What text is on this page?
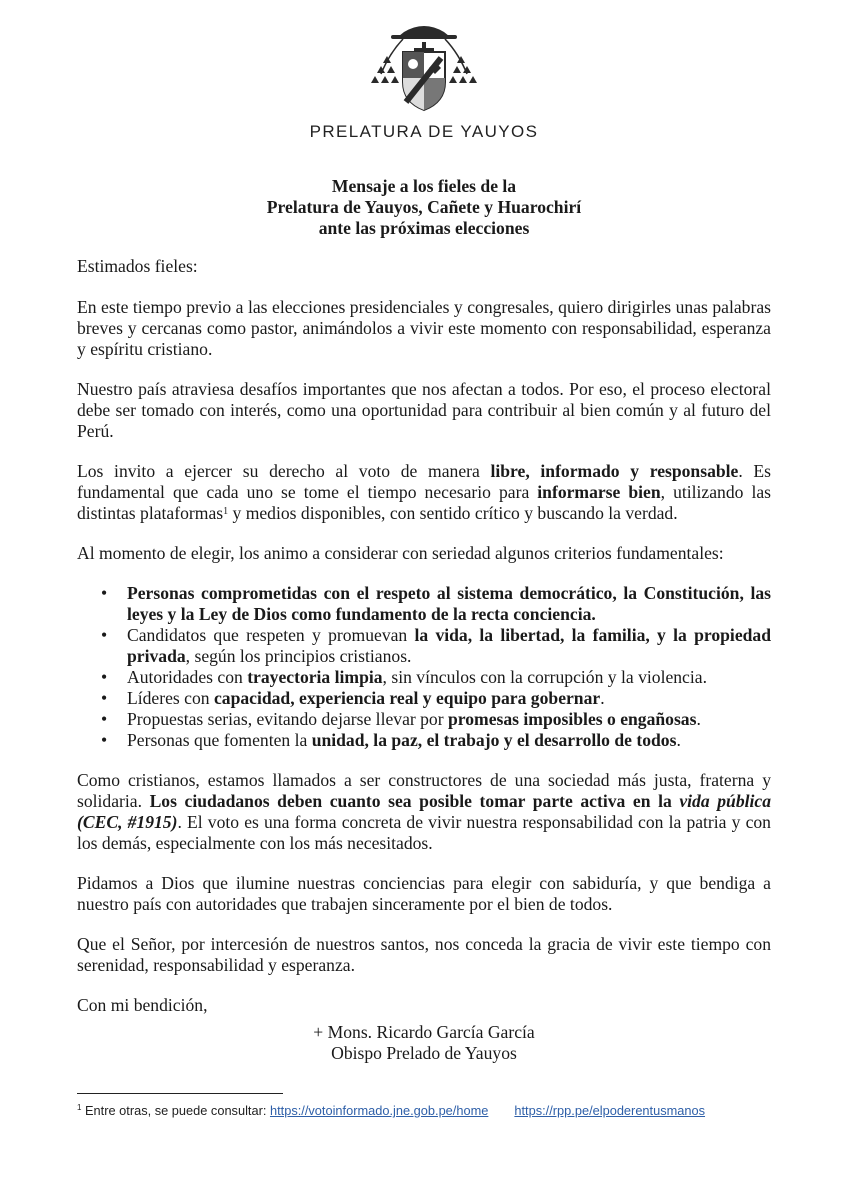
PRELATURA DE YAUYOS
Mensaje a los fieles de la
Prelatura de Yauyos, Cañete y Huarochirí
ante las próximas elecciones

Estimados fieles:

En este tiempo previo a las elecciones presidenciales y congresales, quiero dirigirles unas palabras breves y cercanas como pastor, animándolos a vivir este momento con responsabilidad, esperanza y espíritu cristiano.

Nuestro país atraviesa desafíos importantes que nos afectan a todos. Por eso, el proceso electoral debe ser tomado con interés, como una oportunidad para contribuir al bien común y al futuro del Perú.

Los invito a ejercer su derecho al voto de manera libre, informado y responsable. Es fundamental que cada uno se tome el tiempo necesario para informarse bien, utilizando las distintas plataformas$^1$ y medios disponibles, con sentido crítico y buscando la verdad.

Al momento de elegir, los animo a considerar con seriedad algunos criterios fundamentales:

• Personas comprometidas con el respeto al sistema democrático, la Constitución, las leyes y la Ley de Dios como fundamento de la recta conciencia.
• Candidatos que respeten y promuevan la vida, la libertad, la familia, y la propiedad privada, según los principios cristianos.
• Autoridades con trayectoria limpia, sin vínculos con la corrupción y la violencia.
• Líderes con capacidad, experiencia real y equipo para gobernar.
• Propuestas serias, evitando dejarse llevar por promesas imposibles o engañosas.
• Personas que fomenten la unidad, la paz, el trabajo y el desarrollo de todos.

Como cristianos, estamos llamados a ser constructores de una sociedad más justa, fraterna y solidaria. Los ciudadanos deben cuanto sea posible tomar parte activa en la vida pública (CEC, #1915). El voto es una forma concreta de vivir nuestra responsabilidad con la patria y con los demás, especialmente con los más necesitados.

Pidamos a Dios que ilumine nuestras conciencias para elegir con sabiduría, y que bendiga a nuestro país con autoridades que trabajen sinceramente por el bien de todos.

Que el Señor, por intercesión de nuestros santos, nos conceda la gracia de vivir este tiempo con serenidad, responsabilidad y esperanza.

Con mi bendición,

+ Mons. Ricardo García García
Obispo Prelado de Yauyos
$^1$ Entre otras, se puede consultar: https://votoinformado.jne.gob.pe/home https://rpp.pe/elpoderentusmanos
